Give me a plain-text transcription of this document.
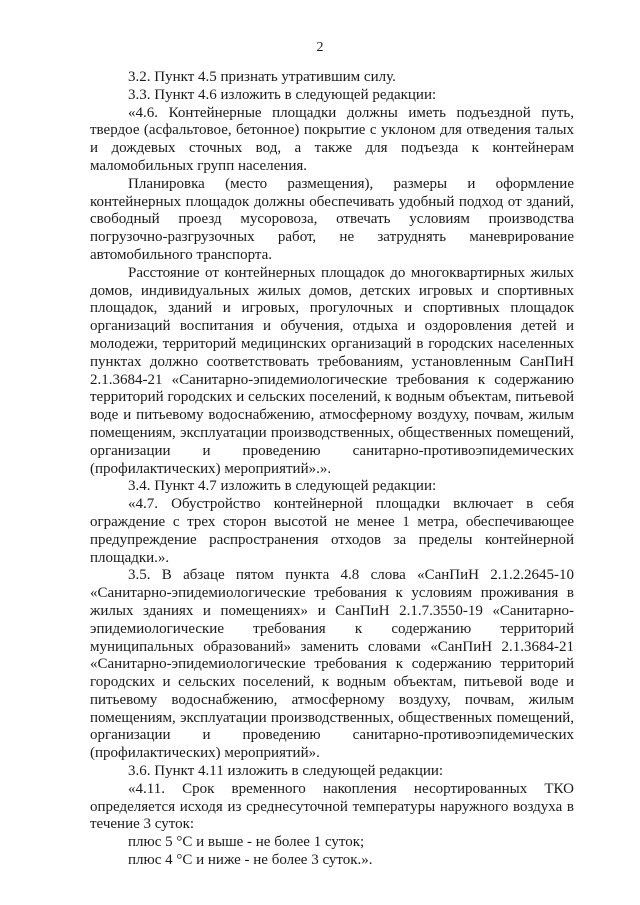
2

3.2. Пункт 4.5 признать утратившим силу.

3.3. Пункт 4.6 изложить в следующей редакции:

«4.6. Контейнерные площадки должны иметь подъездной путь, твердое (асфальтовое, бетонное) покрытие с уклоном для отведения талых и дождевых сточных вод, а также для подъезда к контейнерам маломобильных групп населения.

Планировка (место размещения), размеры и оформление контейнерных площадок должны обеспечивать удобный подход от зданий, свободный проезд мусоровоза, отвечать условиям производства погрузочно-разгрузочных работ, не затруднять маневрирование автомобильного транспорта.

Расстояние от контейнерных площадок до многоквартирных жилых домов, индивидуальных жилых домов, детских игровых и спортивных площадок, зданий и игровых, прогулочных и спортивных площадок организаций воспитания и обучения, отдыха и оздоровления детей и молодежи, территорий медицинских организаций в городских населенных пунктах должно соответствовать требованиям, установленным СанПиН 2.1.3684-21 «Санитарно-эпидемиологические требования к содержанию территорий городских и сельских поселений, к водным объектам, питьевой воде и питьевому водоснабжению, атмосферному воздуху, почвам, жилым помещениям, эксплуатации производственных, общественных помещений, организации и проведению санитарно-противоэпидемических (профилактических) мероприятий».».

3.4. Пункт 4.7 изложить в следующей редакции:

«4.7. Обустройство контейнерной площадки включает в себя ограждение с трех сторон высотой не менее 1 метра, обеспечивающее предупреждение распространения отходов за пределы контейнерной площадки.».

3.5. В абзаце пятом пункта 4.8 слова «СанПиН 2.1.2.2645-10 «Санитарно-эпидемиологические требования к условиям проживания в жилых зданиях и помещениях» и СанПиН 2.1.7.3550-19 «Санитарно-эпидемиологические требования к содержанию территорий муниципальных образований» заменить словами «СанПиН 2.1.3684-21 «Санитарно-эпидемиологические требования к содержанию территорий городских и сельских поселений, к водным объектам, питьевой воде и питьевому водоснабжению, атмосферному воздуху, почвам, жилым помещениям, эксплуатации производственных, общественных помещений, организации и проведению санитарно-противоэпидемических (профилактических) мероприятий».

3.6. Пункт 4.11 изложить в следующей редакции:

«4.11. Срок временного накопления несортированных ТКО определяется исходя из среднесуточной температуры наружного воздуха в течение 3 суток:

плюс 5 °С и выше - не более 1 суток;

плюс 4 °С и ниже - не более 3 суток.».
